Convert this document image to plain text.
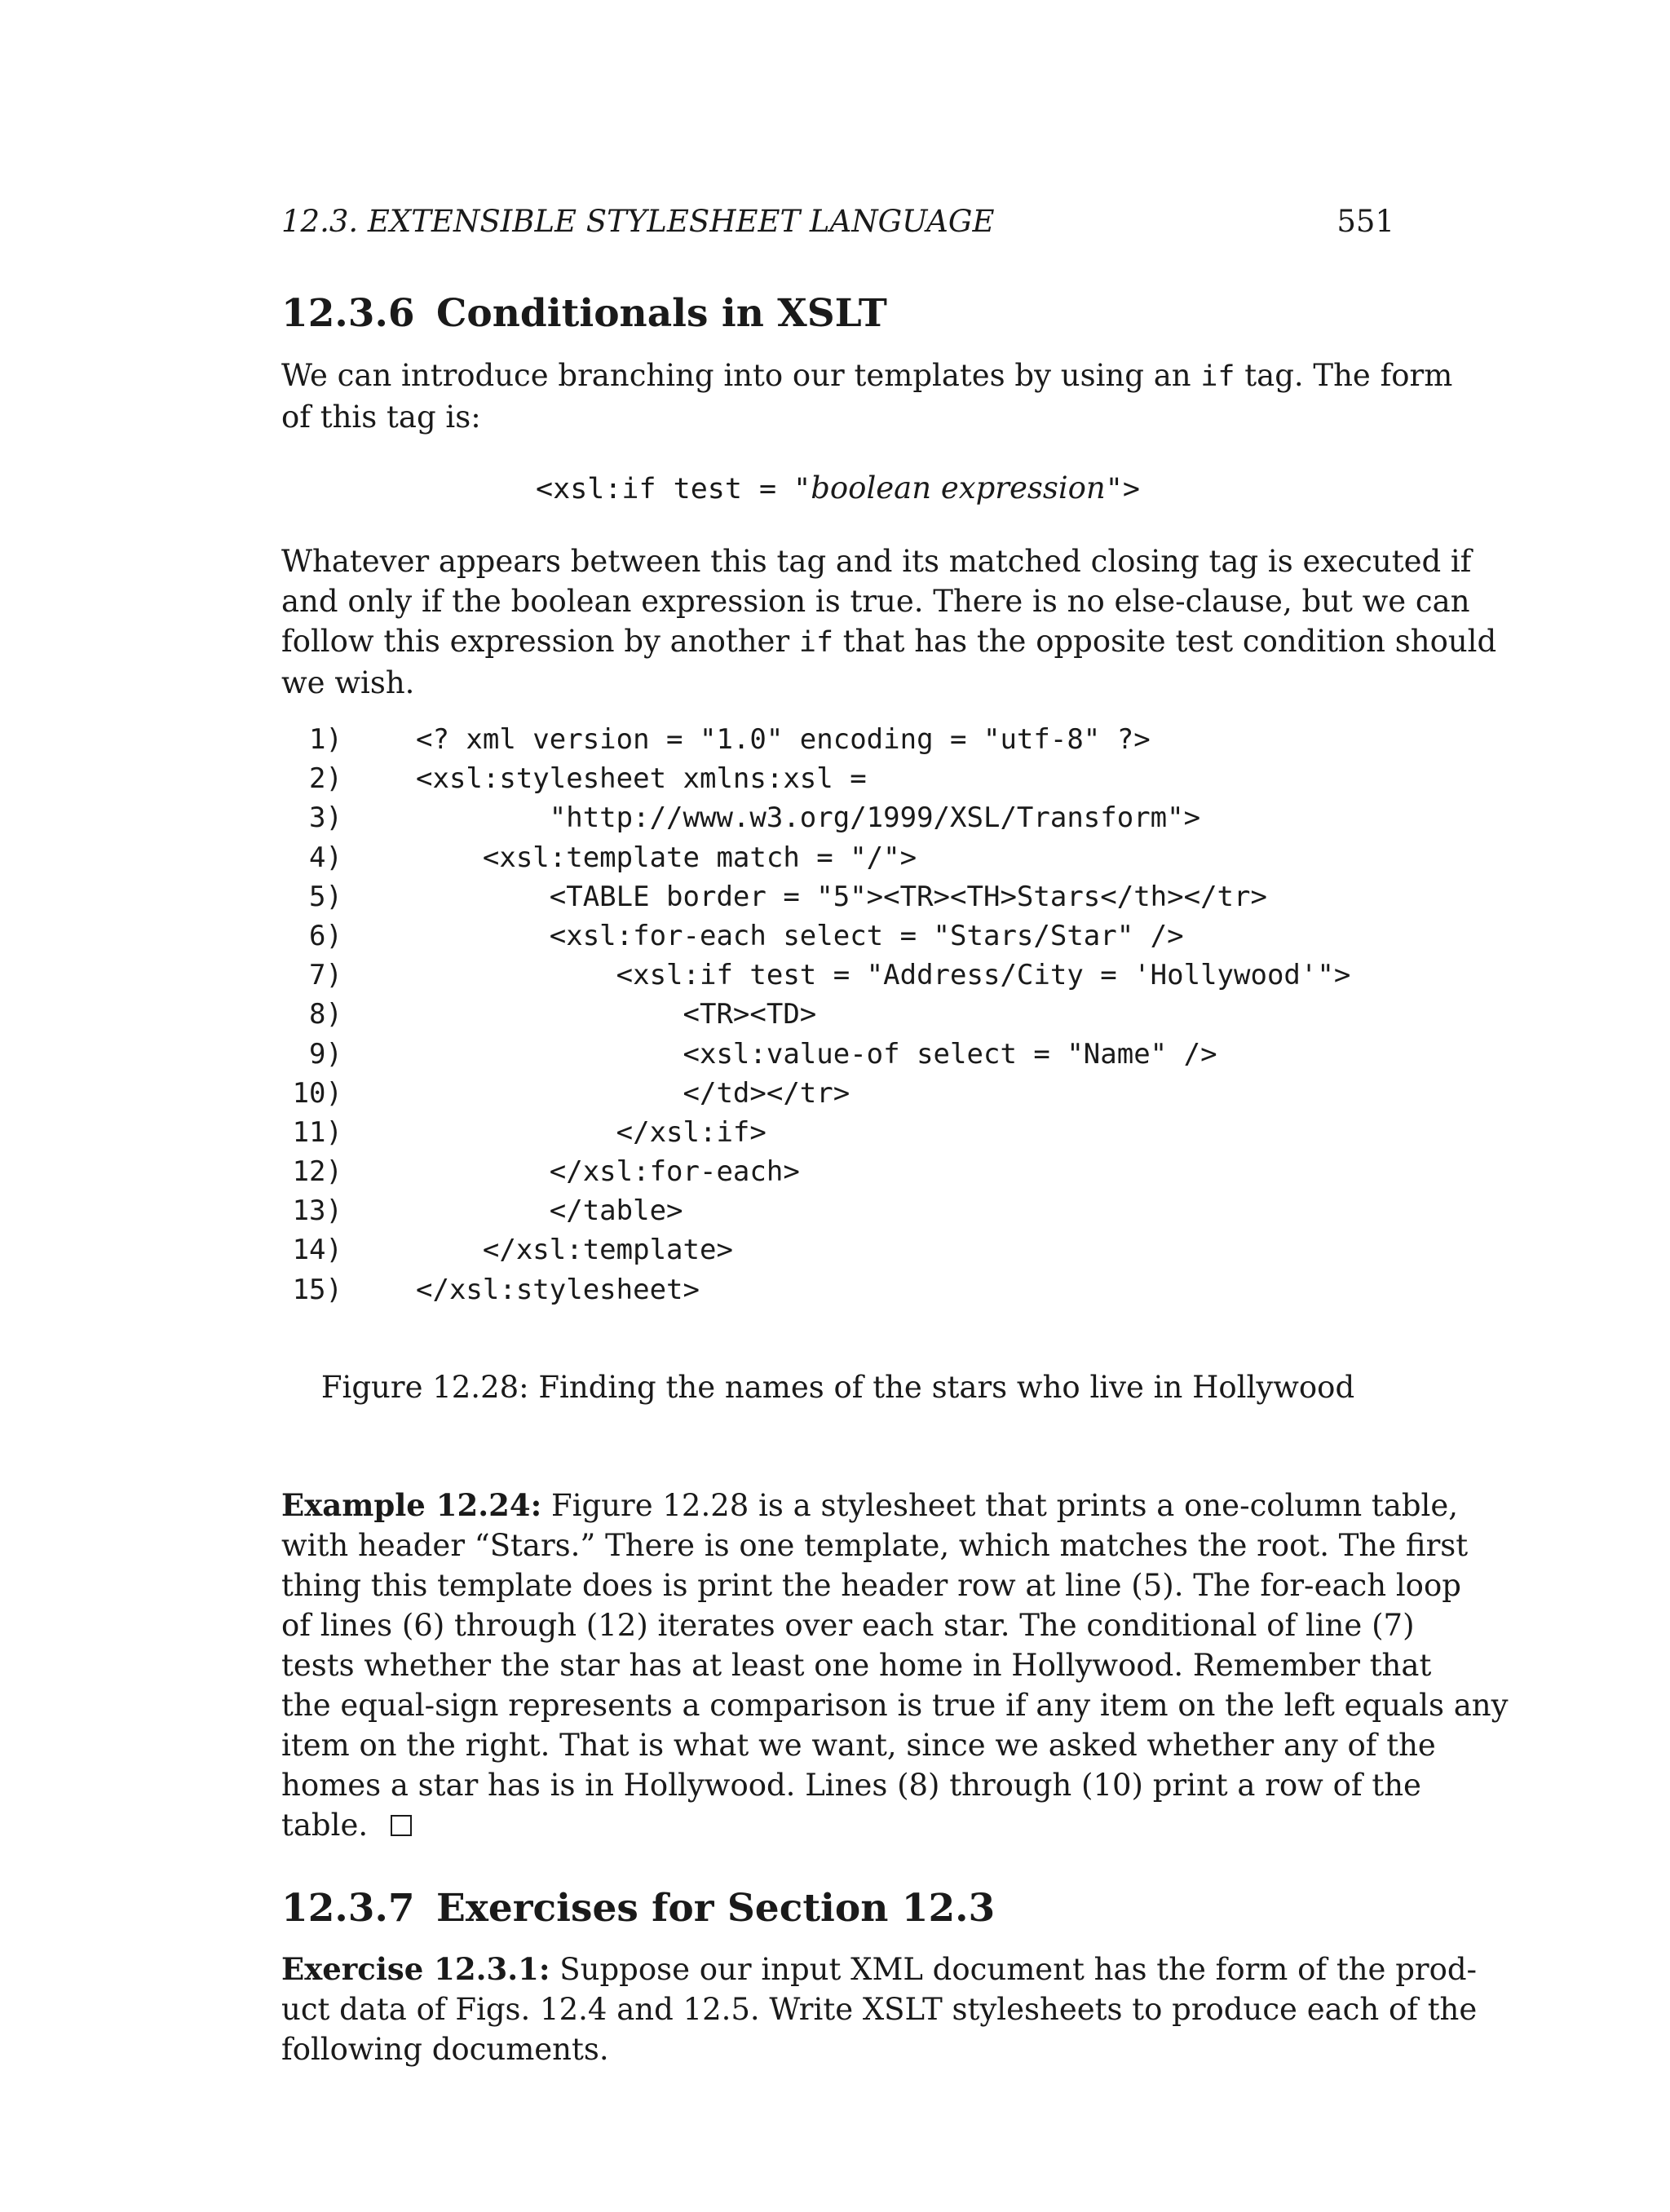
12.3. EXTENSIBLE STYLESHEET LANGUAGE	551
12.3.6 Conditionals in XSLT
We can introduce branching into our templates by using an if tag. The form
of this tag is:
<xsl:if test = "boolean expression">
Whatever appears between this tag and its matched closing tag is executed if
and only if the boolean expression is true. There is no else-clause, but we can
follow this expression by another if that has the opposite test condition should
we wish.
1)	<? xml version = "1.0" encoding = "utf-8" ?>
2)	<xsl:stylesheet xmlns:xsl =
3)	"http://www.w3.org/1999/XSL/Transform">
4)	<xsl:template match = "/">
5)	<TABLE border = "5"><TR><TH>Stars</th></tr>
6)	<xsl:for-each select = "Stars/Star" />
7)	<xsl:if test = "Address/City = 'Hollywood'">
8)	<TR><TD>
9)	<xsl:value-of select = "Name" />
10)	</td></tr>
11)	</xsl:if>
12)	</xsl:for-each>
13)	</table>
14)	</xsl:template>
15)	</xsl:stylesheet>
Figure 12.28: Finding the names of the stars who live in Hollywood
Example 12.24: Figure 12.28 is a stylesheet that prints a one-column table,
with header “Stars.” There is one template, which matches the root. The first
thing this template does is print the header row at line (5). The for-each loop
of lines (6) through (12) iterates over each star. The conditional of line (7)
tests whether the star has at least one home in Hollywood. Remember that
the equal-sign represents a comparison is true if any item on the left equals any
item on the right. That is what we want, since we asked whether any of the
homes a star has is in Hollywood. Lines (8) through (10) print a row of the
table.
12.3.7 Exercises for Section 12.3
Exercise 12.3.1: Suppose our input XML document has the form of the prod-
uct data of Figs. 12.4 and 12.5. Write XSLT stylesheets to produce each of the
following documents.
